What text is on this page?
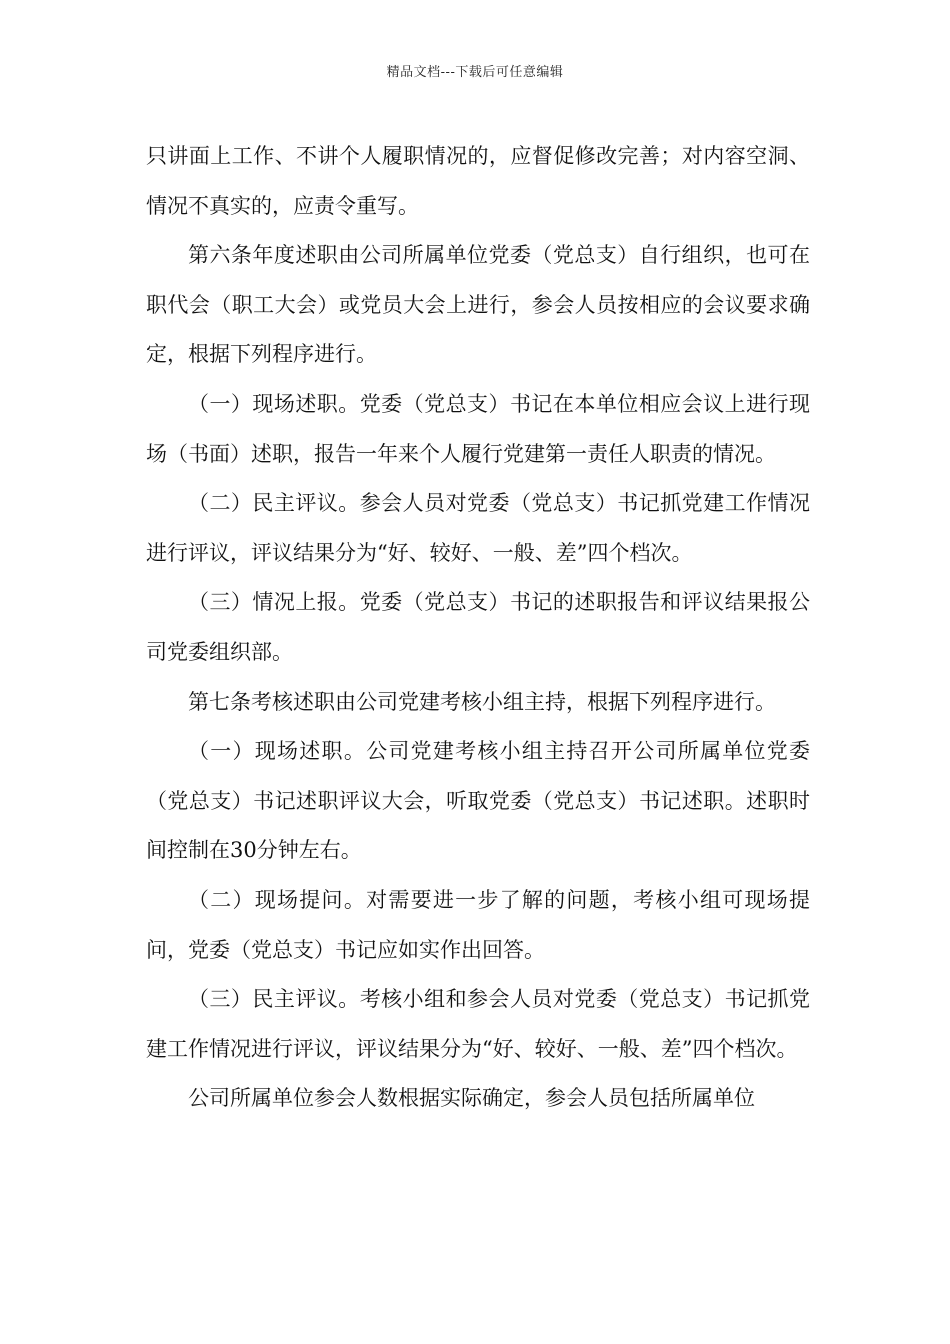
精品文档---下载后可任意编辑

只讲面上工作、不讲个人履职情况的，应督促修改完善；对内容空洞、情况不真实的，应责令重写。

第六条年度述职由公司所属单位党委（党总支）自行组织，也可在职代会（职工大会）或党员大会上进行，参会人员按相应的会议要求确定，根据下列程序进行。

（一）现场述职。党委（党总支）书记在本单位相应会议上进行现场（书面）述职，报告一年来个人履行党建第一责任人职责的情况。

（二）民主评议。参会人员对党委（党总支）书记抓党建工作情况进行评议，评议结果分为“好、较好、一般、差”四个档次。

（三）情况上报。党委（党总支）书记的述职报告和评议结果报公司党委组织部。

第七条考核述职由公司党建考核小组主持，根据下列程序进行。

（一）现场述职。公司党建考核小组主持召开公司所属单位党委（党总支）书记述职评议大会，听取党委（党总支）书记述职。述职时间控制在30分钟左右。

（二）现场提问。对需要进一步了解的问题，考核小组可现场提问，党委（党总支）书记应如实作出回答。

（三）民主评议。考核小组和参会人员对党委（党总支）书记抓党建工作情况进行评议，评议结果分为“好、较好、一般、差”四个档次。

公司所属单位参会人数根据实际确定，参会人员包括所属单位
